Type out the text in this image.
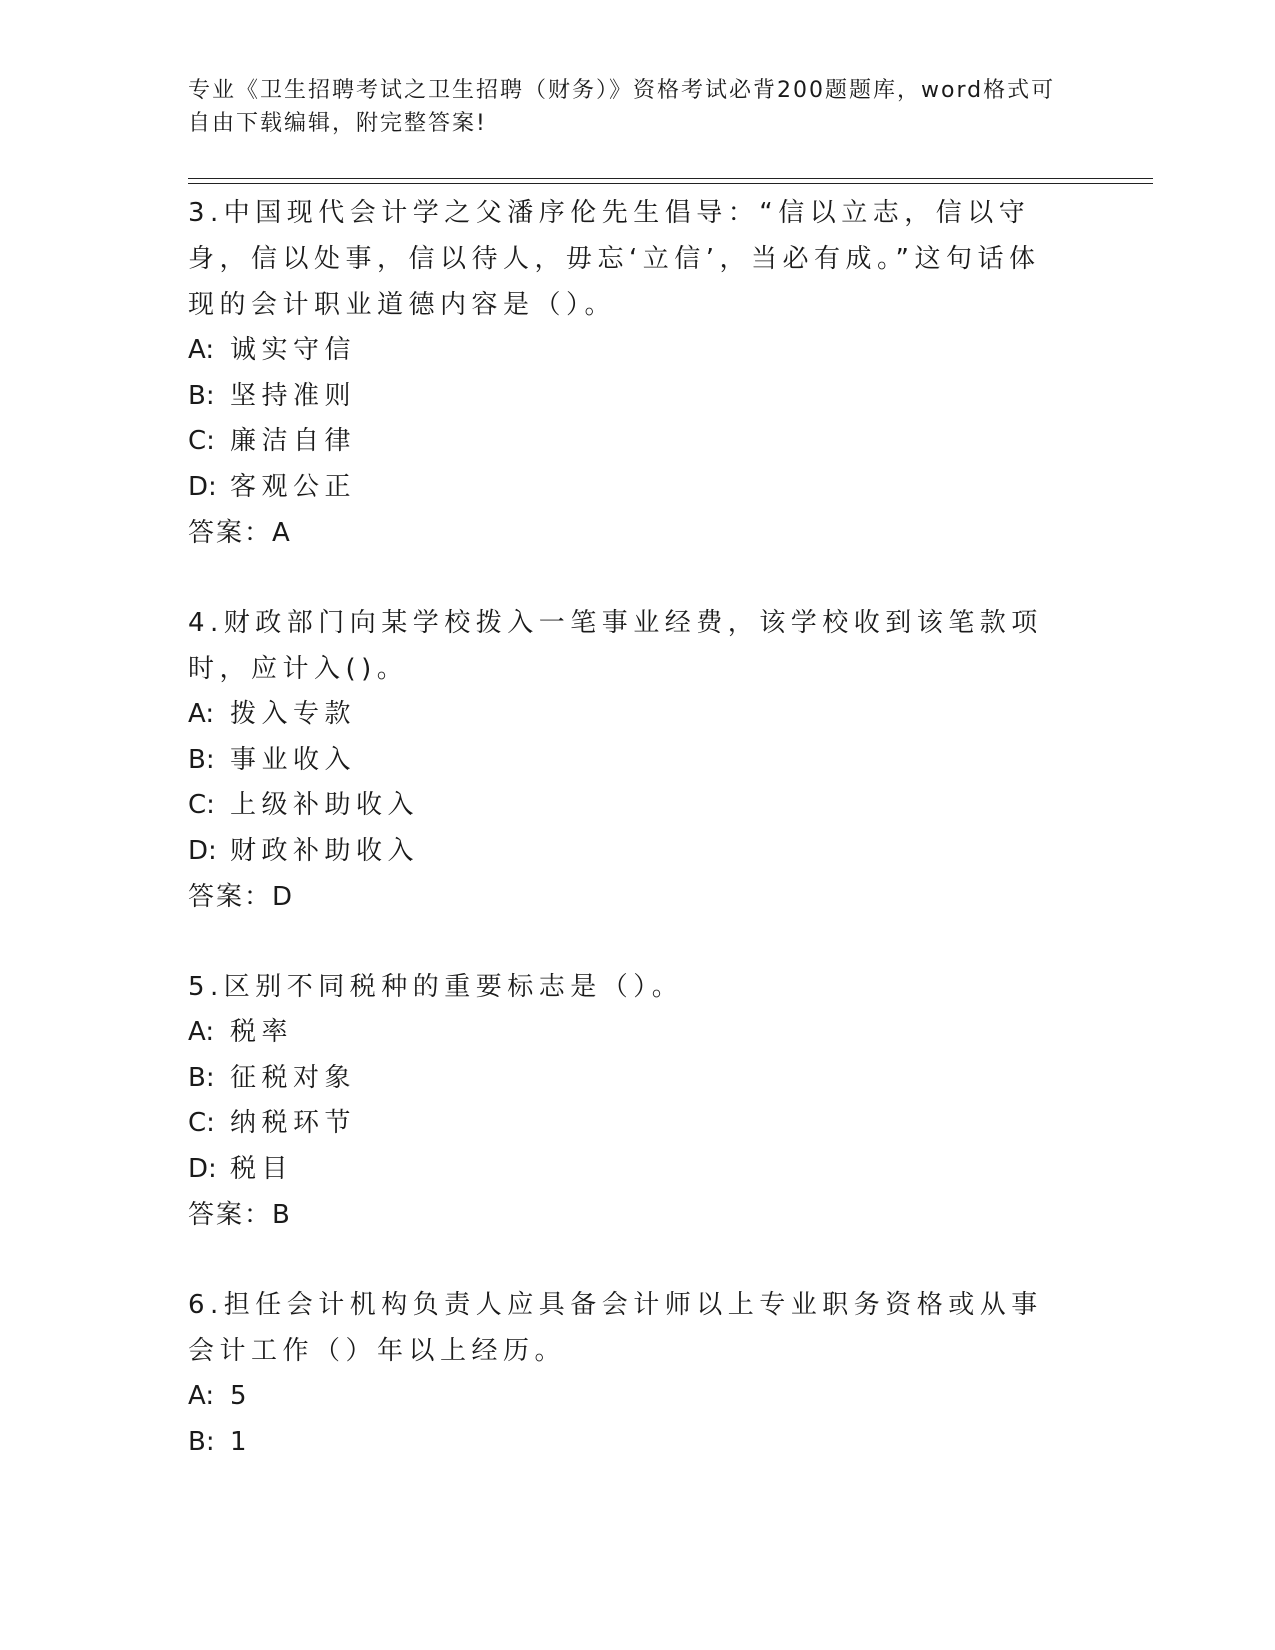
专业《卫生招聘考试之卫生招聘（财务）》资格考试必背200题题库，word格式可自由下载编辑，附完整答案!
3.中国现代会计学之父潘序伦先生倡导：“信以立志，信以守身，信以处事，信以待人，毋忘‘立信’，当必有成。”这句话体现的会计职业道德内容是（）。
A: 诚实守信
B: 坚持准则
C: 廉洁自律
D: 客观公正
答案：A
4.财政部门向某学校拨入一笔事业经费，该学校收到该笔款项时，应计入()。
A: 拨入专款
B: 事业收入
C: 上级补助收入
D: 财政补助收入
答案：D
5.区别不同税种的重要标志是（）。
A: 税率
B: 征税对象
C: 纳税环节
D: 税目
答案：B
6.担任会计机构负责人应具备会计师以上专业职务资格或从事会计工作（）年以上经历。
A: 5
B: 1
